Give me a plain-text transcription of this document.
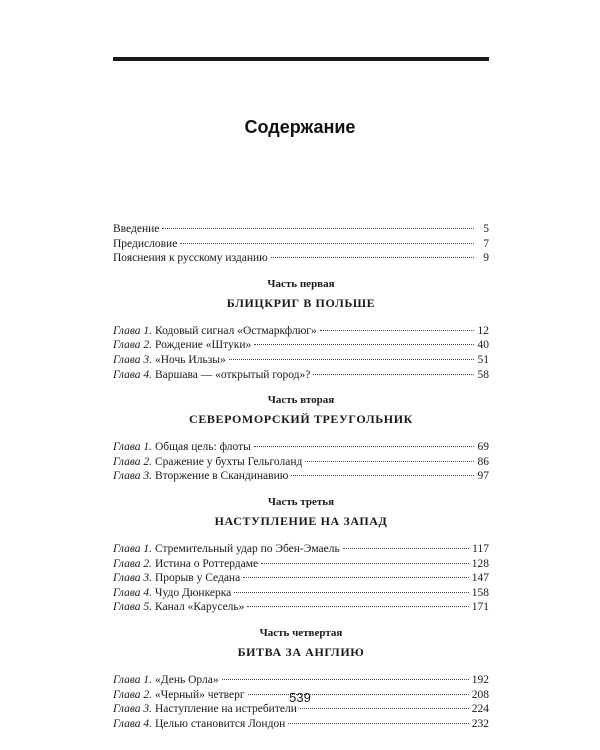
Содержание
Введение	5
Предисловие	7
Пояснения к русскому изданию	9
Часть первая
БЛИЦКРИГ В ПОЛЬШЕ
Глава 1. Кодовый сигнал «Остмаркфлюг»	12
Глава 2. Рождение «Штуки»	40
Глава 3. «Ночь Ильзы»	51
Глава 4. Варшава — «открытый город»?	58
Часть вторая
СЕВЕРОМОРСКИЙ ТРЕУГОЛЬНИК
Глава 1. Общая цель: флоты	69
Глава 2. Сражение у бухты Гельголанд	86
Глава 3. Вторжение в Скандинавию	97
Часть третья
НАСТУПЛЕНИЕ НА ЗАПАД
Глава 1. Стремительный удар по Эбен-Эмаель	117
Глава 2. Истина о Роттердаме	128
Глава 3. Прорыв у Седана	147
Глава 4. Чудо Дюнкерка	158
Глава 5. Канал «Карусель»	171
Часть четвертая
БИТВА ЗА АНГЛИЮ
Глава 1. «День Орла»	192
Глава 2. «Черный» четверг	208
Глава 3. Наступление на истребители	224
Глава 4. Целью становится Лондон	232
539
